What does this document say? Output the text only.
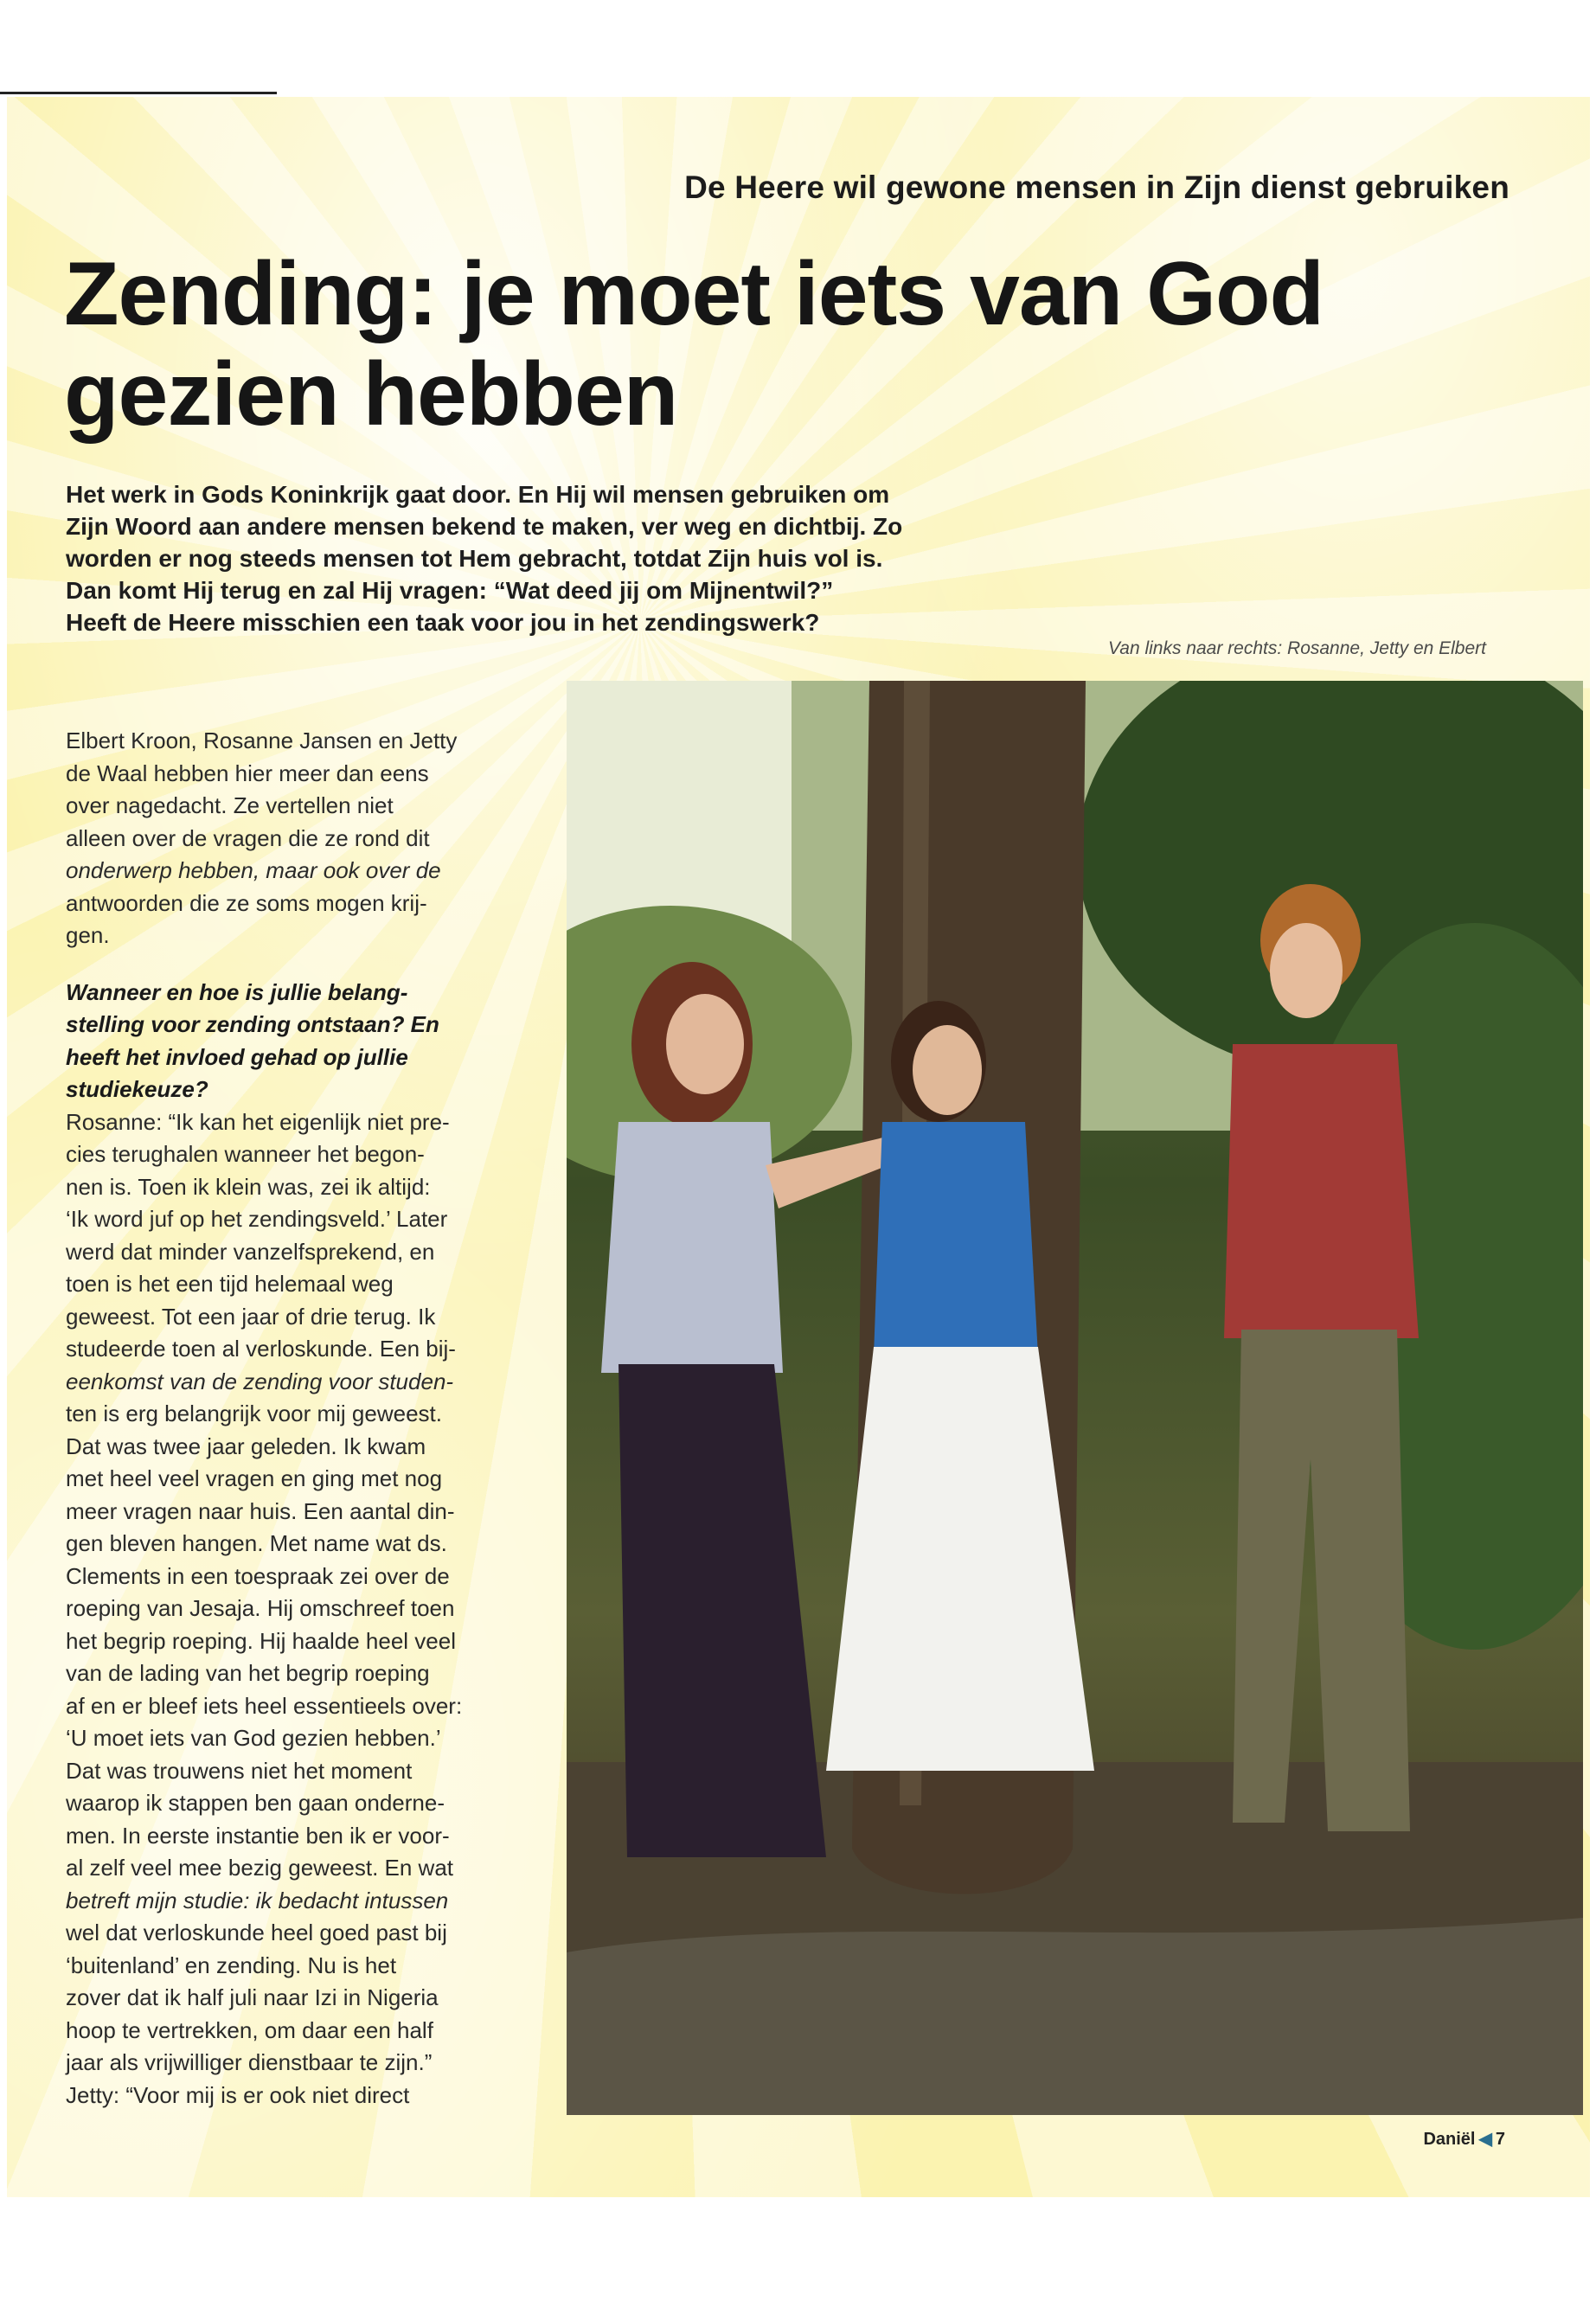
De Heere wil gewone mensen in Zijn dienst gebruiken
Zending: je moet iets van God
gezien hebben
Het werk in Gods Koninkrijk gaat door. En Hij wil mensen gebruiken om
Zijn Woord aan andere mensen bekend te maken, ver weg en dichtbij. Zo
worden er nog steeds mensen tot Hem gebracht, totdat Zijn huis vol is.
Dan komt Hij terug en zal Hij vragen: “Wat deed jij om Mijnentwil?”
Heeft de Heere misschien een taak voor jou in het zendingswerk?
Van links naar rechts: Rosanne, Jetty en Elbert

Elbert Kroon, Rosanne Jansen en Jetty
de Waal hebben hier meer dan eens
over nagedacht. Ze vertellen niet
alleen over de vragen die ze rond dit
onderwerp hebben, maar ook over de
antwoorden die ze soms mogen krij-
gen.

Wanneer en hoe is jullie belang-
stelling voor zending ontstaan? En
heeft het invloed gehad op jullie
studiekeuze?

Rosanne: “Ik kan het eigenlijk niet pre-
cies terughalen wanneer het begon-
nen is. Toen ik klein was, zei ik altijd:
‘Ik word juf op het zendingsveld.’ Later
werd dat minder vanzelfsprekend, en
toen is het een tijd helemaal weg
geweest. Tot een jaar of drie terug. Ik
studeerde toen al verloskunde. Een bij-
eenkomst van de zending voor studen-
ten is erg belangrijk voor mij geweest.
Dat was twee jaar geleden. Ik kwam
met heel veel vragen en ging met nog
meer vragen naar huis. Een aantal din-
gen bleven hangen. Met name wat ds.
Clements in een toespraak zei over de
roeping van Jesaja. Hij omschreef toen
het begrip roeping. Hij haalde heel veel
van de lading van het begrip roeping
af en er bleef iets heel essentieels over:
‘U moet iets van God gezien hebben.’
Dat was trouwens niet het moment
waarop ik stappen ben gaan onderne-
men. In eerste instantie ben ik er voor-
al zelf veel mee bezig geweest. En wat
betreft mijn studie: ik bedacht intussen
wel dat verloskunde heel goed past bij
‘buitenland’ en zending. Nu is het
zover dat ik half juli naar Izi in Nigeria
hoop te vertrekken, om daar een half
jaar als vrijwilliger dienstbaar te zijn.”
Jetty: “Voor mij is er ook niet direct

Daniël ◀ 7
